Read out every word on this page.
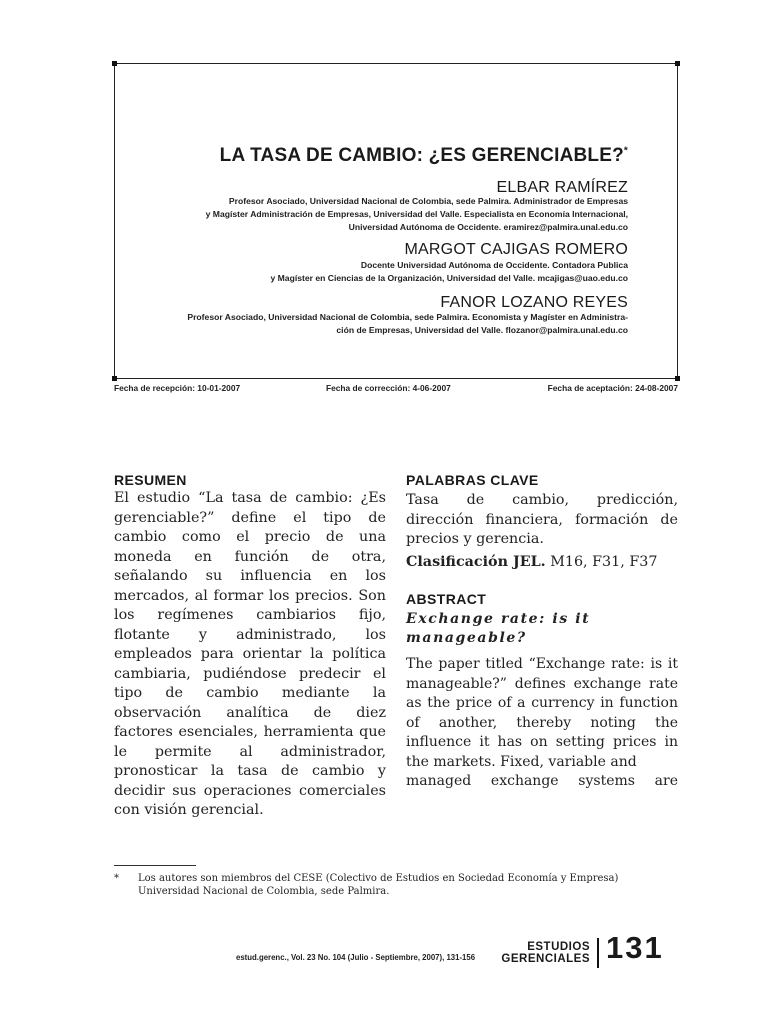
LA TASA DE CAMBIO: ¿ES GERENCIABLE?*
ELBAR RAMÍREZ
Profesor Asociado, Universidad Nacional de Colombia, sede Palmira. Administrador de Empresas
y Magíster Administración de Empresas, Universidad del Valle. Especialista en Economía Internacional,
Universidad Autónoma de Occidente. eramirez@palmira.unal.edu.co
MARGOT CAJIGAS ROMERO
Docente Universidad Autónoma de Occidente. Contadora Publica
y Magíster en Ciencias de la Organización, Universidad del Valle. mcajigas@uao.edu.co
FANOR LOZANO REYES
Profesor Asociado, Universidad Nacional de Colombia, sede Palmira. Economista y Magíster en Administra-
ción de Empresas, Universidad del Valle. flozanor@palmira.unal.edu.co
Fecha de recepción: 10-01-2007	Fecha de corrección: 4-06-2007	Fecha de aceptación: 24-08-2007
RESUMEN
El estudio “La tasa de cambio: ¿Es gerenciable?” define el tipo de cambio como el precio de una moneda en función de otra, señalando su influencia en los mercados, al formar los precios. Son los regímenes cambiarios fijo, flotante y administrado, los empleados para orientar la política cambiaria, pudiéndose predecir el tipo de cambio mediante la observación analítica de diez factores esenciales, herramienta que le permite al administrador, pronosticar la tasa de cambio y decidir sus operaciones comerciales con visión gerencial.
PALABRAS CLAVE
Tasa de cambio, predicción, dirección financiera, formación de precios y gerencia.
Clasificación JEL. M16, F31, F37
ABSTRACT
Exchange rate: is it manageable?
The paper titled “Exchange rate: is it manageable?” defines exchange rate as the price of a currency in function of another, thereby noting the influence it has on setting prices in the markets. Fixed, variable and
managed exchange systems are
* Los autores son miembros del CESE (Colectivo de Estudios en Sociedad Economía y Empresa) Universidad Nacional de Colombia, sede Palmira.
estud.gerenc., Vol. 23 No. 104 (Julio - Septiembre, 2007), 131-156
ESTUDIOS
GERENCIALES 131
